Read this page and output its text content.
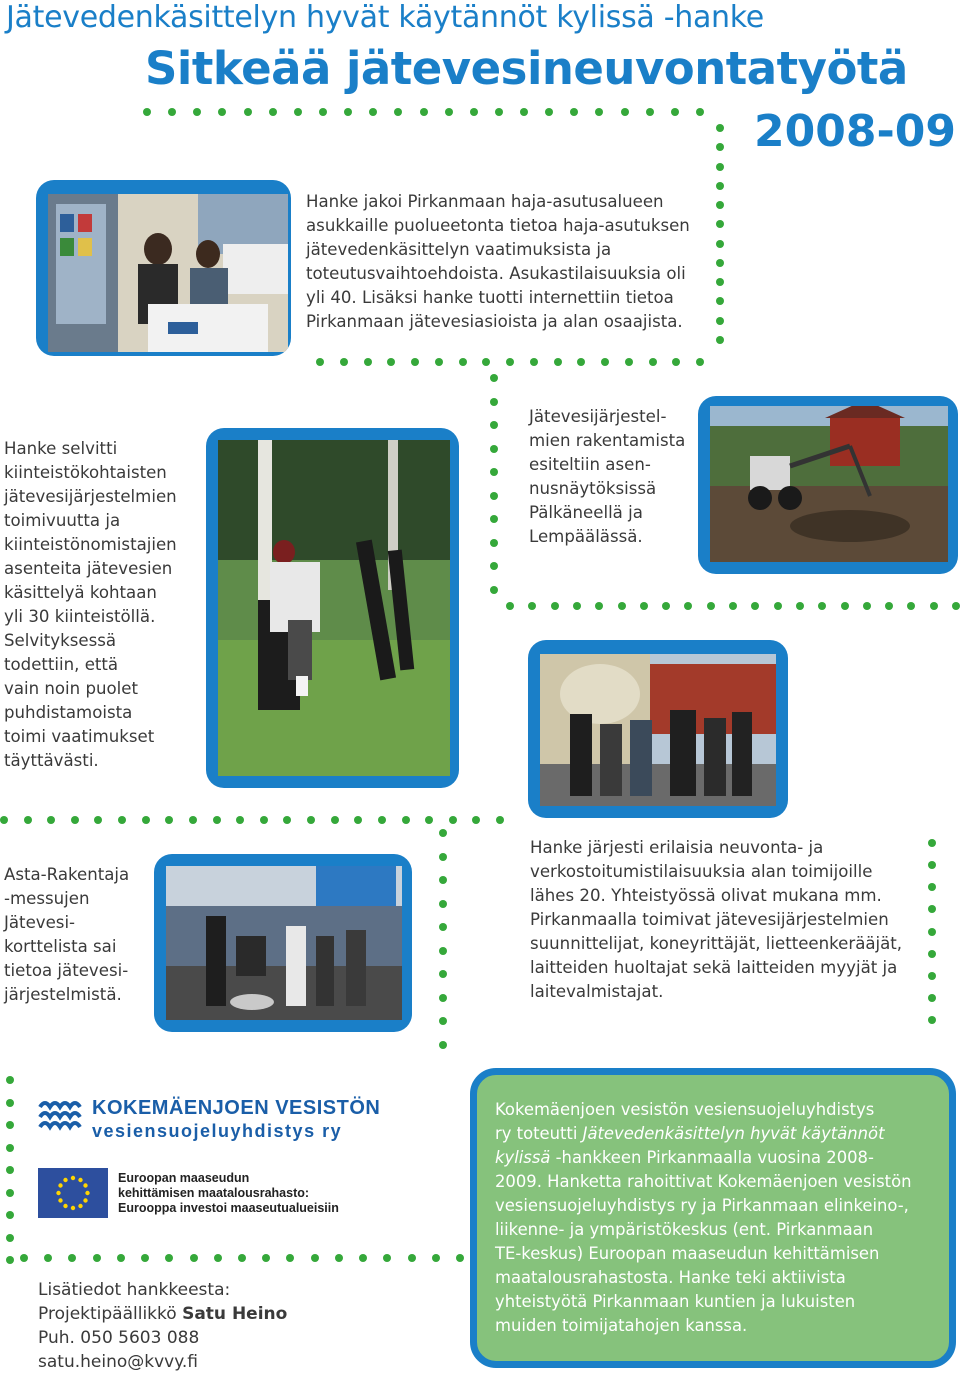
Jätevedenkäsittelyn hyvät käytännöt kylissä -hanke
Sitkeää jätevesineuvontatyötä
2008-09
Hanke jakoi Pirkanmaan haja-asutusalueen
asukkaille puolueetonta tietoa haja-asutuksen
jätevedenkäsittelyn vaatimuksista ja
toteutusvaihtoehdoista. Asukastilaisuuksia oli
yli 40. Lisäksi hanke tuotti internettiin tietoa
Pirkanmaan jätevesiasioista ja alan osaajista.
Hanke selvitti
kiinteistökohtaisten
jätevesijärjestelmien
toimivuutta ja
kiinteistönomistajien
asenteita jätevesien
käsittelyä kohtaan
yli 30 kiinteistöllä.
Selvityksessä
todettiin, että
vain noin puolet
puhdistamoista
toimi vaatimukset
täyttävästi.
Jätevesijärjestel-
mien rakentamista
esiteltiin asen-
nusnäytöksissä
Pälkäneellä ja
Lempäälässä.
Asta-Rakentaja
-messujen
Jätevesi-
korttelista sai
tietoa jätevesi-
järjestelmistä.
Hanke järjesti erilaisia neuvonta- ja
verkostoitumistilaisuuksia alan toimijoille
lähes 20. Yhteistyössä olivat mukana mm.
Pirkanmaalla toimivat jätevesijärjestelmien
suunnittelijat, koneyrittäjät, lietteenkerääjät,
laitteiden huoltajat sekä laitteiden myyjät ja
laitevalmistajat.
KOKEMÄENJOEN VESISTÖN
vesiensuojeluyhdistys ry
Euroopan maaseudun
kehittämisen maatalousrahasto:
Eurooppa investoi maaseutualueisiin
Lisätiedot hankkeesta:
Projektipäällikkö Satu Heino
Puh. 050 5603 088
satu.heino@kvvy.fi
Kokemäenjoen vesistön vesiensuojeluyhdistys
ry toteutti Jätevedenkäsittelyn hyvät käytännöt
kylissä -hankkeen Pirkanmaalla vuosina 2008-
2009. Hanketta rahoittivat Kokemäenjoen vesistön
vesiensuojeluyhdistys ry ja Pirkanmaan elinkeino-,
liikenne- ja ympäristökeskus (ent. Pirkanmaan
TE-keskus) Euroopan maaseudun kehittämisen
maatalousrahastosta. Hanke teki aktiivista
yhteistyötä Pirkanmaan kuntien ja lukuisten
muiden toimijatahojen kanssa.
